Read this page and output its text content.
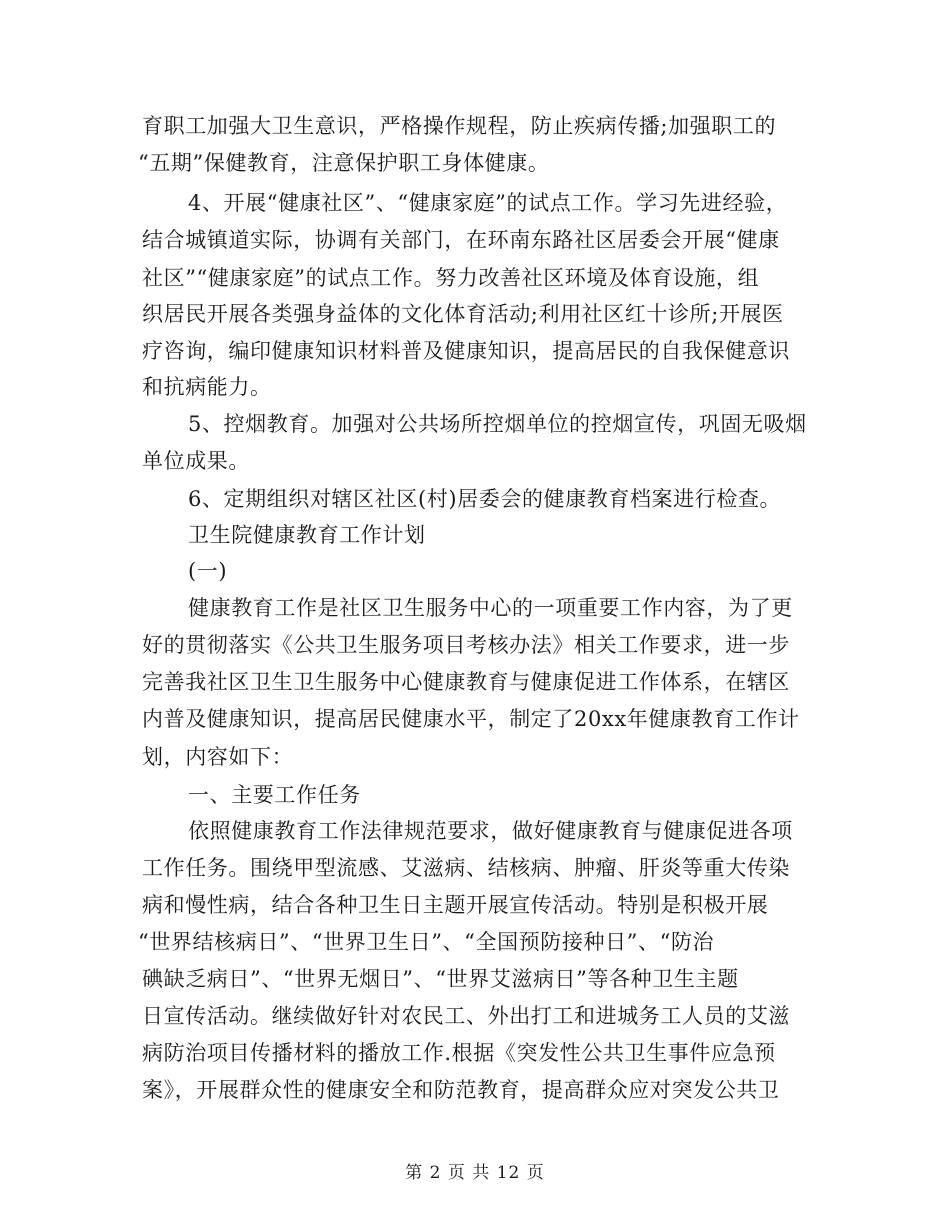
育职工加强大卫生意识，严格操作规程，防止疾病传播;加强职工的
“五期”保健教育，注意保护职工身体健康。
4、开展“健康社区”、“健康家庭”的试点工作。学习先进经验，
结合城镇道实际，协调有关部门，在环南东路社区居委会开展“健康
社区”“健康家庭”的试点工作。努力改善社区环境及体育设施，组
织居民开展各类强身益体的文化体育活动;利用社区红十诊所;开展医
疗咨询，编印健康知识材料普及健康知识，提高居民的自我保健意识
和抗病能力。
5、控烟教育。加强对公共场所控烟单位的控烟宣传，巩固无吸烟
单位成果。
6、定期组织对辖区社区(村)居委会的健康教育档案进行检查。
卫生院健康教育工作计划
(一)
健康教育工作是社区卫生服务中心的一项重要工作内容，为了更
好的贯彻落实《公共卫生服务项目考核办法》相关工作要求，进一步
完善我社区卫生卫生服务中心健康教育与健康促进工作体系，在辖区
内普及健康知识，提高居民健康水平，制定了20xx年健康教育工作计
划，内容如下：
一、主要工作任务
依照健康教育工作法律规范要求，做好健康教育与健康促进各项
工作任务。围绕甲型流感、艾滋病、结核病、肿瘤、肝炎等重大传染
病和慢性病，结合各种卫生日主题开展宣传活动。特别是积极开展
“世界结核病日”、“世界卫生日”、“全国预防接种日”、“防治
碘缺乏病日”、“世界无烟日”、“世界艾滋病日”等各种卫生主题
日宣传活动。继续做好针对农民工、外出打工和进城务工人员的艾滋
病防治项目传播材料的播放工作.根据《突发性公共卫生事件应急预
案》，开展群众性的健康安全和防范教育，提高群众应对突发公共卫
第 2 页 共 12 页
